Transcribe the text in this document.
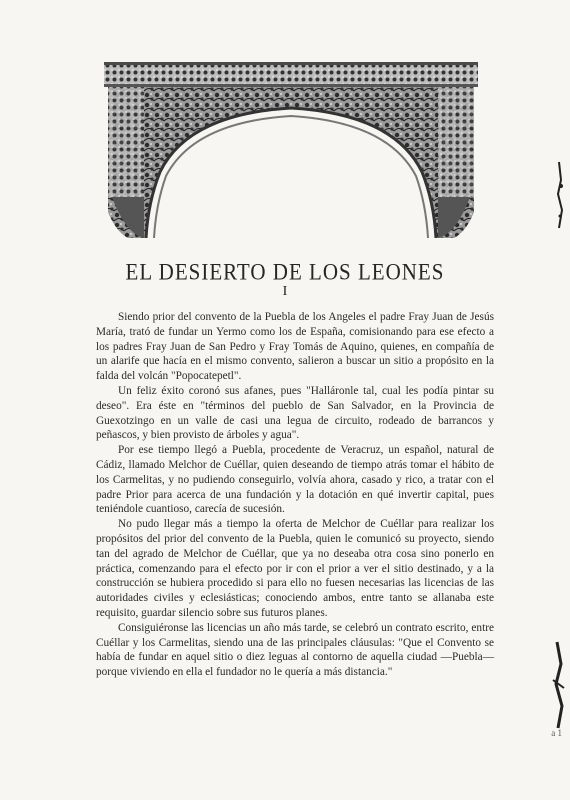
EL DESIERTO DE LOS LEONES
I

Siendo prior del convento de la Puebla de los Angeles el padre Fray Juan de Jesús María, trató de fundar un Yermo como los de España, comisionando para ese efecto a los padres Fray Juan de San Pedro y Fray Tomás de Aquino, quienes, en compañía de un alarife que hacía en el mismo convento, salieron a buscar un sitio a propósito en la falda del volcán "Popocatepetl".

Un feliz éxito coronó sus afanes, pues "Halláronle tal, cual les podía pintar su deseo". Era éste en "términos del pueblo de San Salvador, en la Provincia de Guexotzingo en un valle de casi una legua de circuito, rodeado de barrancos y peñascos, y bien provisto de árboles y agua".

Por ese tiempo llegó a Puebla, procedente de Veracruz, un español, natural de Cádiz, llamado Melchor de Cuéllar, quien deseando de tiempo atrás tomar el hábito de los Carmelitas, y no pudiendo conseguirlo, volvía ahora, casado y rico, a tratar con el padre Prior para acerca de una fundación y la dotación en qué invertir capital, pues teniéndole cuantioso, carecía de sucesión.

No pudo llegar más a tiempo la oferta de Melchor de Cuéllar para realizar los propósitos del prior del convento de la Puebla, quien le comunicó su proyecto, siendo tan del agrado de Melchor de Cuéllar, que ya no deseaba otra cosa sino ponerlo en práctica, comenzando para el efecto por ir con el prior a ver el sitio destinado, y a la construcción se hubiera procedido si para ello no fuesen necesarias las licencias de las autoridades civiles y eclesiásticas; conociendo ambos, entre tanto se allanaba este requisito, guardar silencio sobre sus futuros planes.

Consiguiéronse las licencias un año más tarde, se celebró un contrato escrito, entre Cuéllar y los Carmelitas, siendo una de las principales cláusulas: "Que el Convento se había de fundar en aquel sitio o diez leguas al contorno de aquella ciudad —Puebla— porque viviendo en ella el fundador no le quería a más distancia."

a 1
